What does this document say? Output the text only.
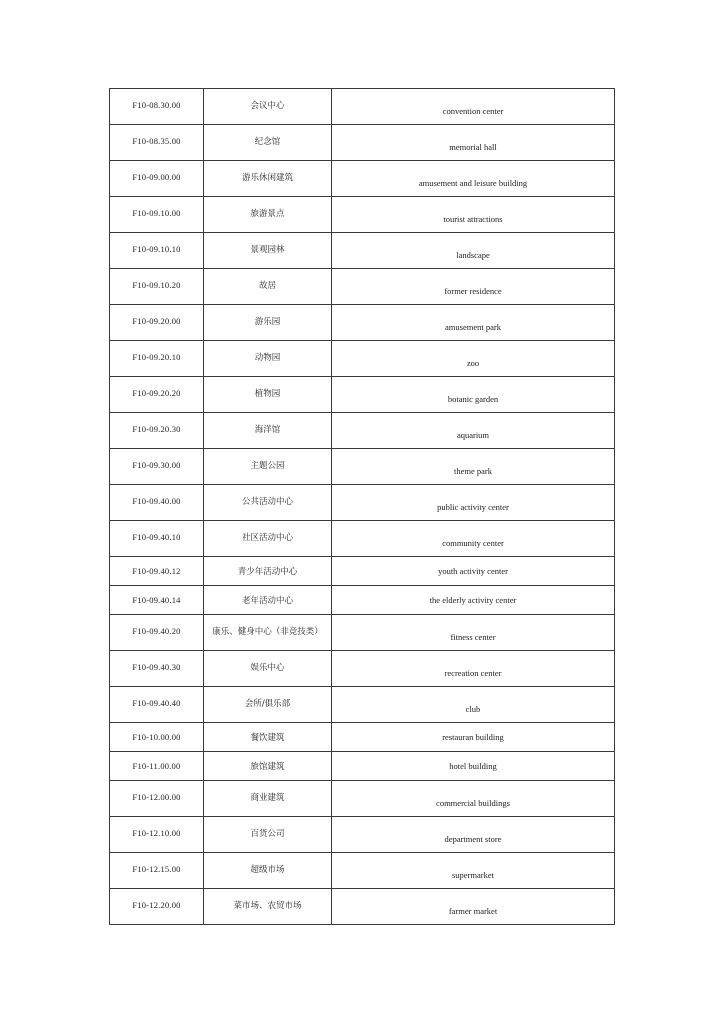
F10-08.30.00	会议中心	convention center
F10-08.35.00	纪念馆	memorial hall
F10-09.00.00	游乐休闲建筑	amusement and leisure building
F10-09.10.00	旅游景点	tourist attractions
F10-09.10.10	景观园林	landscape
F10-09.10.20	故居	former residence
F10-09.20.00	游乐园	amusement park
F10-09.20.10	动物园	zoo
F10-09.20.20	植物园	botanic garden
F10-09.20.30	海洋馆	aquarium
F10-09.30.00	主题公园	theme park
F10-09.40.00	公共活动中心	public activity center
F10-09.40.10	社区活动中心	community center
F10-09.40.12	青少年活动中心	youth activity center
F10-09.40.14	老年活动中心	the elderly activity center
F10-09.40.20	康乐、健身中心（非竞技类）	fitness center
F10-09.40.30	娱乐中心	recreation center
F10-09.40.40	会所/俱乐部	club
F10-10.00.00	餐饮建筑	restauran building
F10-11.00.00	旅馆建筑	hotel building
F10-12.00.00	商业建筑	commercial buildings
F10-12.10.00	百货公司	department store
F10-12.15.00	超级市场	supermarket
F10-12.20.00	菜市场、农贸市场	farmer market
